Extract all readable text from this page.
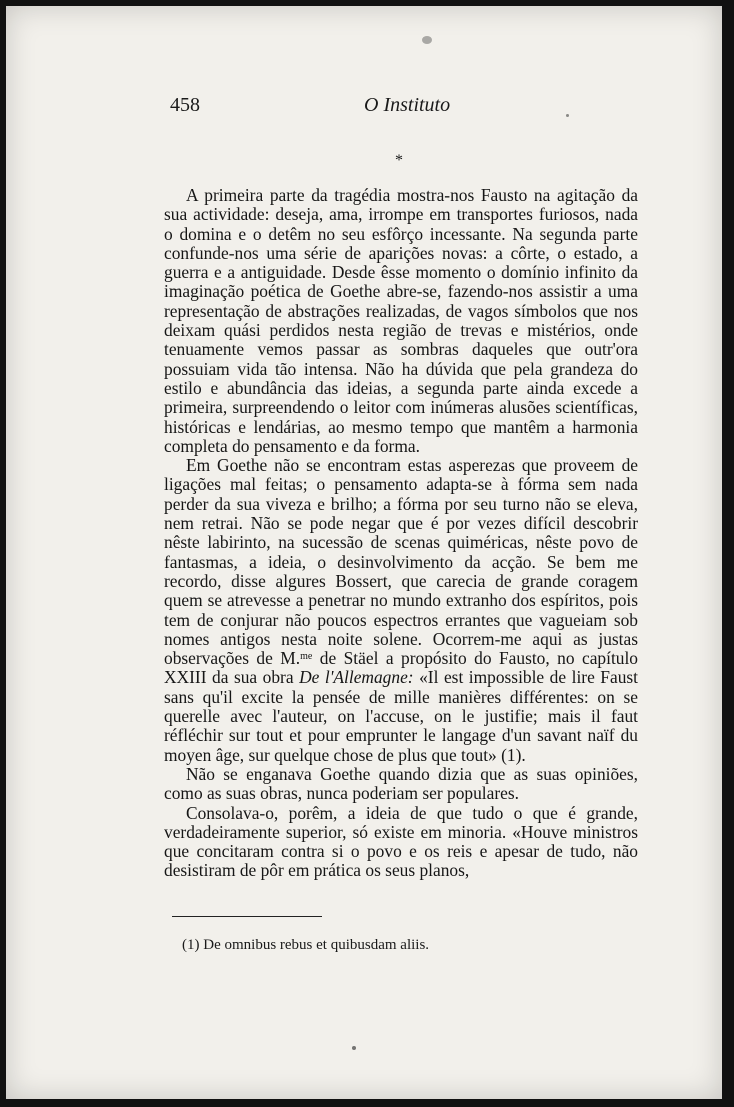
458	O Instituto
*

A primeira parte da tragédia mostra-nos Fausto na agitação da sua actividade: deseja, ama, irrompe em transportes furiosos, nada o domina e o detêm no seu esfôrço incessante. Na segunda parte confunde-nos uma série de aparições novas: a côrte, o estado, a guerra e a antiguidade. Desde êsse momento o domínio infinito da imaginação poética de Goethe abre-se, fazendo-nos assistir a uma representação de abstrações realizadas, de vagos símbolos que nos deixam quási perdidos nesta região de trevas e mistérios, onde tenuamente vemos passar as sombras daqueles que outr'ora possuiam vida tão intensa. Não ha dúvida que pela grandeza do estilo e abundância das ideias, a segunda parte ainda excede a primeira, surpreendendo o leitor com inúmeras alusões scientíficas, históricas e lendárias, ao mesmo tempo que mantêm a harmonia completa do pensamento e da forma.

Em Goethe não se encontram estas asperezas que proveem de ligações mal feitas; o pensamento adapta-se à fórma sem nada perder da sua viveza e brilho; a fórma por seu turno não se eleva, nem retrai. Não se pode negar que é por vezes difícil descobrir nêste labirinto, na sucessão de scenas quiméricas, nêste povo de fantasmas, a ideia, o desinvolvimento da acção. Se bem me recordo, disse algures Bossert, que carecia de grande coragem quem se atrevesse a penetrar no mundo extranho dos espíritos, pois tem de conjurar não poucos espectros errantes que vagueiam sob nomes antigos nesta noite solene. Ocorrem-me aqui as justas observações de M.$^{me}$ de Stäel a propósito do Fausto, no capítulo XXIII da sua obra De l'Allemagne: «Il est impossible de lire Faust sans qu'il excite la pensée de mille manières différentes: on se querelle avec l'auteur, on l'accuse, on le justifie; mais il faut réfléchir sur tout et pour emprunter le langage d'un savant naïf du moyen âge, sur quelque chose de plus que tout» (1).

Não se enganava Goethe quando dizia que as suas opiniões, como as suas obras, nunca poderiam ser populares.

Consolava-o, porêm, a ideia de que tudo o que é grande, verdadeiramente superior, só existe em minoria. «Houve ministros que concitaram contra si o povo e os reis e apesar de tudo, não desistiram de pôr em prática os seus planos,

(1) De omnibus rebus et quibusdam aliis.
